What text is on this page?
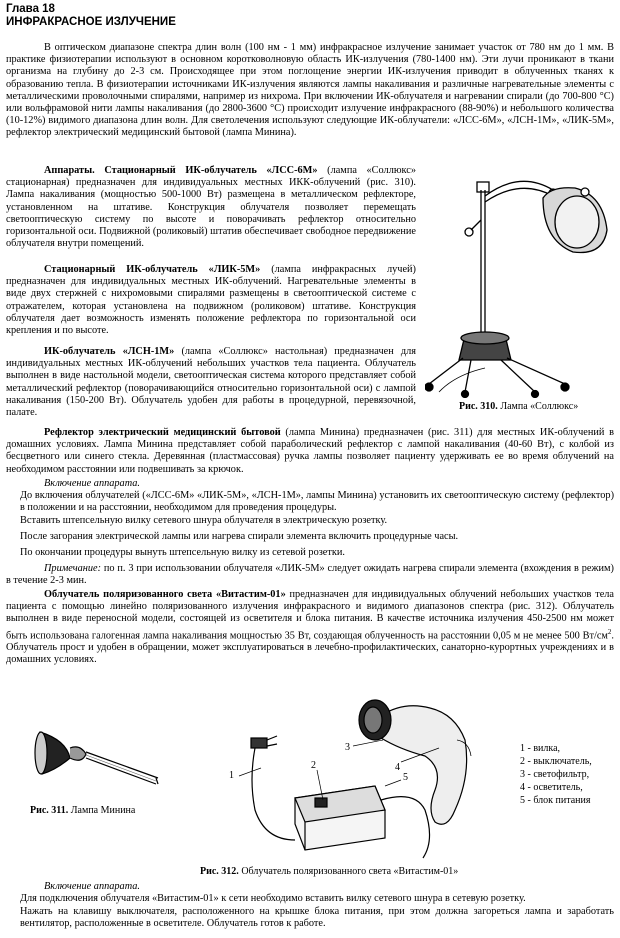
Глава 18
ИНФРАКРАСНОЕ ИЗЛУЧЕНИЕ

В оптическом диапазоне спектра длин волн (100 нм - 1 мм) инфракрасное излучение занимает участок от 780 нм до 1 мм. В практике физиотерапии используют в основном коротковолновую область ИК-излучения (780-1400 нм). Эти лучи проникают в ткани организма на глубину до 2-3 см. Происходящее при этом поглощение энергии ИК-излучения приводит в облученных тканях к образованию тепла. В физиотерапии источниками ИК-излучения являются лампы накаливания и различные нагревательные элементы с металлическими проволочными спиралями, например из нихрома. При включении ИК-облучателя и нагревании спирали (до 700-800 °С) или вольфрамовой нити лампы накаливания (до 2800-3600 °С) происходит излучение инфракрасного (88-90%) и небольшого количества (10-12%) видимого диапазона длин волн. Для светолечения используют следующие ИК-облучатели: «ЛСС-6М», «ЛСН-1М», «ЛИК-5М», рефлектор электрический медицинский бытовой (лампа Минина).

Аппараты. Стационарный ИК-облучатель «ЛСС-6М» (лампа «Соллюкс» стационарная) предназначен для индивидуальных местных ИКК-облучений (рис. 310). Лампа накаливания (мощностью 500-1000 Вт) размещена в металлическом рефлекторе, установленном на штативе. Конструкция облучателя позволяет перемещать светооптическую систему по высоте и поворачивать рефлектор относительно горизонтальной оси. Подвижной (роликовый) штатив обеспечивает свободное передвижение облучателя внутри помещений.

Стационарный ИК-облучатель «ЛИК-5М» (лампа инфракрасных лучей) предназначен для индивидуальных местных ИК-облучений. Нагревательные элементы в виде двух стержней с нихромовыми спиралями размещены в светооптической системе с отражателем, которая установлена на подвижном (роликовом) штативе. Конструкция облучателя дает возможность изменять положение рефлектора по горизонтальной оси крепления и по высоте.

ИК-облучатель «ЛСН-1М» (лампа «Соллюкс» настольная) предназначен для индивидуальных местных ИК-облучений небольших участков тела пациента. Облучатель выполнен в виде настольной модели, светооптическая система которого представляет собой металлический рефлектор (поворачивающийся относительно горизонтальной оси) с лампой накаливания (150-200 Вт). Облучатель удобен для работы в процедурной, перевязочной, палате.

Рис. 310. Лампа «Соллюкс»

Рефлектор электрический медицинский бытовой (лампа Минина) предназначен (рис. 311) для местных ИК-облучений в домашних условиях. Лампа Минина представляет собой параболический рефлектор с лампой накаливания (40-60 Вт), с колбой из бесцветного или синего стекла. Деревянная (пластмассовая) ручка лампы позволяет пациенту удерживать ее во время облучений на необходимом расстоянии или подвешивать за крючок.

Включение аппарата.

До включения облучателей («ЛСС-6М» «ЛИК-5М», «ЛСН-1М», лампы Минина) установить их светооптическую систему (рефлектор) в положении и на расстоянии, необходимом для проведения процедуры.

Вставить штепсельную вилку сетевого шнура облучателя в электрическую розетку.

После загорания электрической лампы или нагрева спирали элемента включить процедурные часы.

По окончании процедуры вынуть штепсельную вилку из сетевой розетки.

Примечание: по п. 3 при использовании облучателя «ЛИК-5М» следует ожидать нагрева спирали элемента (вхождения в режим) в течение 2-3 мин.

Облучатель поляризованного света «Витастим-01» предназначен для индивидуальных облучений небольших участков тела пациента с помощью линейно поляризованного излучения инфракрасного и видимого диапазонов спектра (рис. 312). Облучатель выполнен в виде переносной модели, состоящей из осветителя и блока питания. В качестве источника излучения 450-2500 нм может быть использована галогенная лампа накаливания мощностью 35 Вт, создающая облученность на расстоянии 0,05 м не менее 500 $Вт/см^2$. Облучатель прост и удобен в обращении, может эксплуатироваться в лечебно-профилактических, санаторно-курортных учреждениях и в домашних условиях.

Рис. 311. Лампа Минина
1
2
3
4
5
1 - вилка,
2 - выключатель,
3 - светофильтр,
4 - осветитель,
5 - блок питания
Рис. 312. Облучатель поляризованного света «Витастим-01»
Включение аппарата.

Для подключения облучателя «Витастим-01» к сети необходимо вставить вилку сетевого шнура в сетевую розетку.

Нажать на клавишу выключателя, расположенного на крышке блока питания, при этом должна загореться лампа и заработать вентилятор, расположенные в осветителе. Облучатель готов к работе.
